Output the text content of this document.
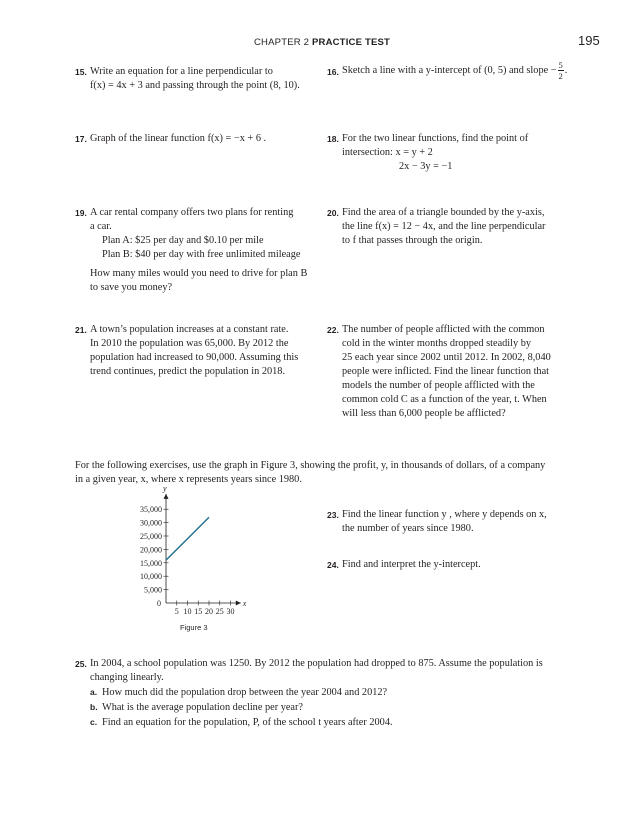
CHAPTER 2 PRACTICE TEST	195
15. Write an equation for a line perpendicular to

f(x) = 4x + 3 and passing through the point (8, 10).

16. Sketch a line with a y-intercept of (0, 5) and slope − $\frac{5}{2}$ .

17. Graph of the linear function f(x) = −x + 6 .	18. For the two linear functions, find the point of

intersection: x = y + 2

2x − 3y = −1

19. A car rental company offers two plans for renting

a car.

Plan A: $25 per day and $0.10 per mile

Plan B: $40 per day with free unlimited mileage

How many miles would you need to drive for plan B

to save you money?

20. Find the area of a triangle bounded by the y-axis,

the line f(x) = 12 − 4x, and the line perpendicular

to f that passes through the origin.

21. A town’s population increases at a constant rate.

In 2010 the population was 65,000. By 2012 the

population had increased to 90,000. Assuming this

trend continues, predict the population in 2018.

22. The number of people afflicted with the common

cold in the winter months dropped steadily by

25 each year since 2002 until 2012. In 2002, 8,040

people were inflicted. Find the linear function that

models the number of people afflicted with the

common cold C as a function of the year, t. When

will less than 6,000 people be afflicted?

For the following exercises, use the graph in Figure 3, showing the profit, y, in thousands of dollars, of a company

in a given year, x, where x represents years since 1980.

x
y
0
5 10 15 20 25 30
5,000
10,000
15,000
20,000
25,000
30,000
35,000
Figure 3
23. Find the linear function y , where y depends on x,

the number of years since 1980.

24. Find and interpret the y-intercept.

25. In 2004, a school population was 1250. By 2012 the population had dropped to 875. Assume the population is

changing linearly.

a. How much did the population drop between the year 2004 and 2012?

b. What is the average population decline per year?

c. Find an equation for the population, P, of the school t years after 2004.
